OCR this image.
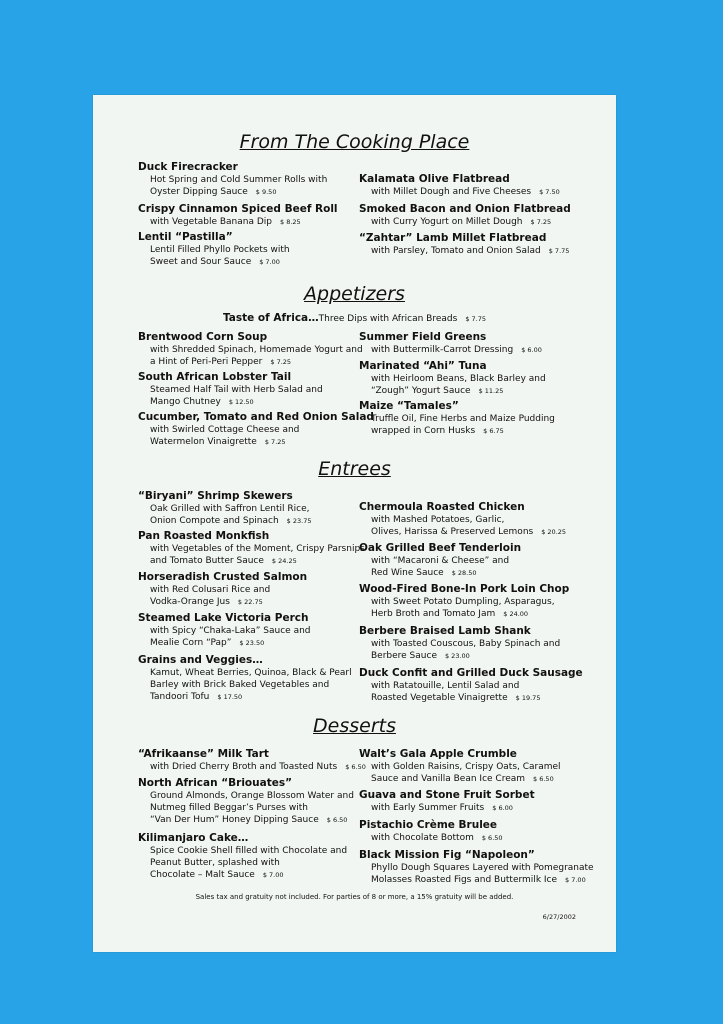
From The Cooking Place
Duck Firecracker
Hot Spring and Cold Summer Rolls with
Oyster Dipping Sauce $ 9.50
Crispy Cinnamon Spiced Beef Roll
with Vegetable Banana Dip $ 8.25
Lentil “Pastilla”
Lentil Filled Phyllo Pockets with
Sweet and Sour Sauce $ 7.00
Kalamata Olive Flatbread
with Millet Dough and Five Cheeses $ 7.50
Smoked Bacon and Onion Flatbread
with Curry Yogurt on Millet Dough $ 7.25
“Zahtar” Lamb Millet Flatbread
with Parsley, Tomato and Onion Salad $ 7.75
Appetizers
Taste of Africa…Three Dips with African Breads $ 7.75
Brentwood Corn Soup
with Shredded Spinach, Homemade Yogurt and
a Hint of Peri-Peri Pepper $ 7.25
South African Lobster Tail
Steamed Half Tail with Herb Salad and
Mango Chutney $ 12.50
Cucumber, Tomato and Red Onion Salad
with Swirled Cottage Cheese and
Watermelon Vinaigrette $ 7.25
Summer Field Greens
with Buttermilk-Carrot Dressing $ 6.00
Marinated “Ahi” Tuna
with Heirloom Beans, Black Barley and
“Zough” Yogurt Sauce $ 11.25
Maize “Tamales”
Truffle Oil, Fine Herbs and Maize Pudding
wrapped in Corn Husks $ 6.75
Entrees
“Biryani” Shrimp Skewers
Oak Grilled with Saffron Lentil Rice,
Onion Compote and Spinach $ 23.75
Pan Roasted Monkfish
with Vegetables of the Moment, Crispy Parsnips
and Tomato Butter Sauce $ 24.25
Horseradish Crusted Salmon
with Red Colusari Rice and
Vodka-Orange Jus $ 22.75
Steamed Lake Victoria Perch
with Spicy “Chaka-Laka” Sauce and
Mealie Corn “Pap” $ 23.50
Grains and Veggies…
Kamut, Wheat Berries, Quinoa, Black & Pearl
Barley with Brick Baked Vegetables and
Tandoori Tofu $ 17.50
Chermoula Roasted Chicken
with Mashed Potatoes, Garlic,
Olives, Harissa & Preserved Lemons $ 20.25
Oak Grilled Beef Tenderloin
with “Macaroni & Cheese” and
Red Wine Sauce $ 28.50
Wood-Fired Bone-In Pork Loin Chop
with Sweet Potato Dumpling, Asparagus,
Herb Broth and Tomato Jam $ 24.00
Berbere Braised Lamb Shank
with Toasted Couscous, Baby Spinach and
Berbere Sauce $ 23.00
Duck Confit and Grilled Duck Sausage
with Ratatouille, Lentil Salad and
Roasted Vegetable Vinaigrette $ 19.75
Desserts
“Afrikaanse” Milk Tart
with Dried Cherry Broth and Toasted Nuts $ 6.50
North African “Briouates”
Ground Almonds, Orange Blossom Water and
Nutmeg filled Beggar’s Purses with
“Van Der Hum” Honey Dipping Sauce $ 6.50
Kilimanjaro Cake…
Spice Cookie Shell filled with Chocolate and
Peanut Butter, splashed with
Chocolate – Malt Sauce $ 7.00
Walt’s Gala Apple Crumble
with Golden Raisins, Crispy Oats, Caramel
Sauce and Vanilla Bean Ice Cream $ 6.50
Guava and Stone Fruit Sorbet
with Early Summer Fruits $ 6.00
Pistachio Crème Brulee
with Chocolate Bottom $ 6.50
Black Mission Fig “Napoleon”
Phyllo Dough Squares Layered with Pomegranate
Molasses Roasted Figs and Buttermilk Ice $ 7.00
Sales tax and gratuity not included. For parties of 8 or more, a 15% gratuity will be added.
6/27/2002
